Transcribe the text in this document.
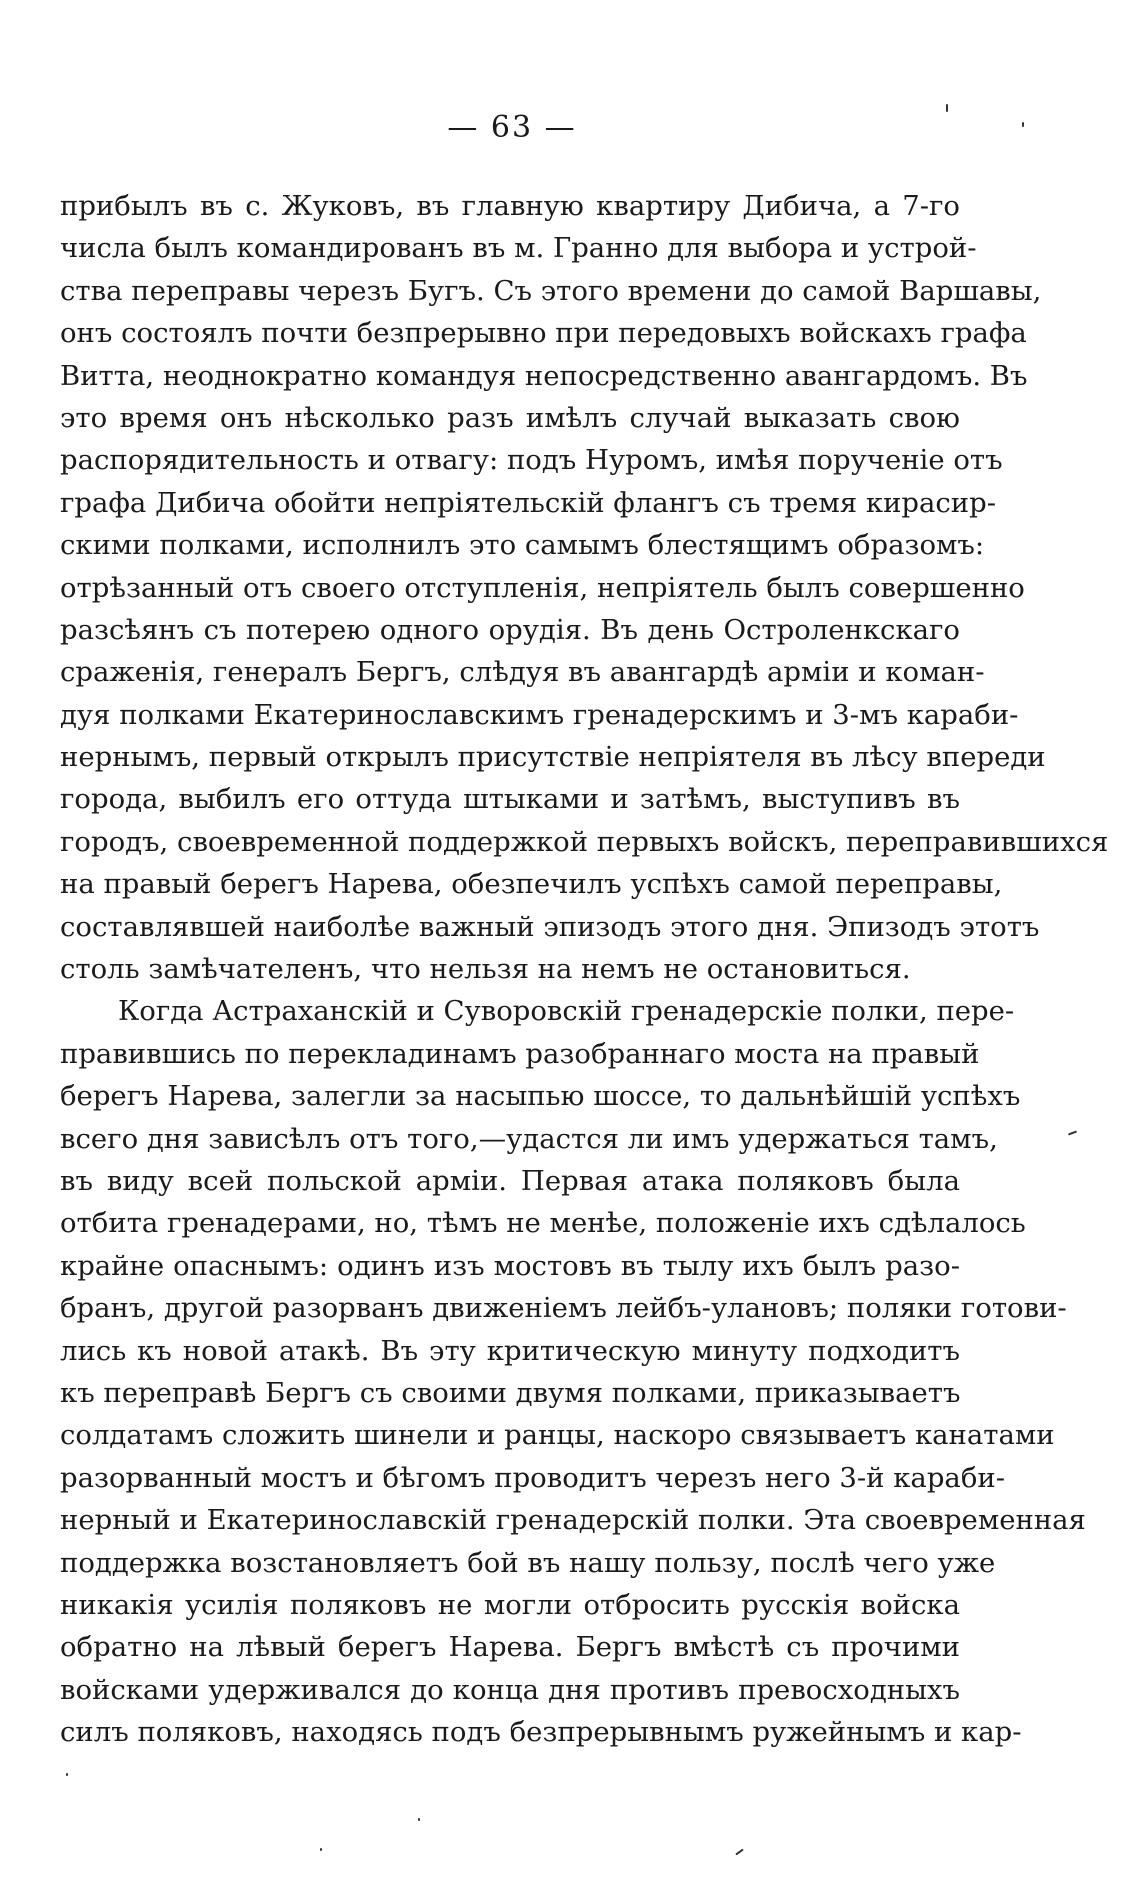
— 63 —
прибылъ въ с. Жуковъ, въ главную квартиру Дибича, а 7-го
числа былъ командированъ въ м. Гранно для выбора и устрой-
ства переправы черезъ Бугъ. Съ этого времени до самой Варшавы,
онъ состоялъ почти безпрерывно при передовыхъ войскахъ графа
Витта, неоднократно командуя непосредственно авангардомъ. Въ
это время онъ нѣсколько разъ имѣлъ случай выказать свою
распорядительность и отвагу: подъ Нуромъ, имѣя порученіе отъ
графа Дибича обойти непріятельскій флангъ съ тремя кирасир-
скими полками, исполнилъ это самымъ блестящимъ образомъ:
отрѣзанный отъ своего отступленія, непріятель былъ совершенно
разсѣянъ съ потерею одного орудія. Въ день Остроленкскаго
сраженія, генералъ Бергъ, слѣдуя въ авангардѣ арміи и коман-
дуя полками Екатеринославскимъ гренадерскимъ и 3-мъ караби-
нернымъ, первый открылъ присутствіе непріятеля въ лѣсу впереди
города, выбилъ его оттуда штыками и затѣмъ, выступивъ въ
городъ, своевременной поддержкой первыхъ войскъ, переправившихся
на правый берегъ Нарева, обезпечилъ успѣхъ самой переправы,
составлявшей наиболѣе важный эпизодъ этого дня. Эпизодъ этотъ
столь замѣчателенъ, что нельзя на немъ не остановиться.
Когда Астраханскій и Суворовскій гренадерскіе полки, пере-
правившись по перекладинамъ разобраннаго моста на правый
берегъ Нарева, залегли за насыпью шоссе, то дальнѣйшій успѣхъ
всего дня зависѣлъ отъ того,—удастся ли имъ удержаться тамъ,
въ виду всей польской арміи. Первая атака поляковъ была
отбита гренадерами, но, тѣмъ не менѣе, положеніе ихъ сдѣлалось
крайне опаснымъ: одинъ изъ мостовъ въ тылу ихъ былъ разо-
бранъ, другой разорванъ движеніемъ лейбъ-улановъ; поляки готови-
лись къ новой атакѣ. Въ эту критическую минуту подходитъ
къ переправѣ Бергъ съ своими двумя полками, приказываетъ
солдатамъ сложить шинели и ранцы, наскоро связываетъ канатами
разорванный мостъ и бѣгомъ проводитъ черезъ него 3-й караби-
нерный и Екатеринославскій гренадерскій полки. Эта своевременная
поддержка возстановляетъ бой въ нашу пользу, послѣ чего уже
никакія усилія поляковъ не могли отбросить русскія войска
обратно на лѣвый берегъ Нарева. Бергъ вмѣстѣ съ прочими
войсками удерживался до конца дня противъ превосходныхъ
силъ поляковъ, находясь подъ безпрерывнымъ ружейнымъ и кар-
